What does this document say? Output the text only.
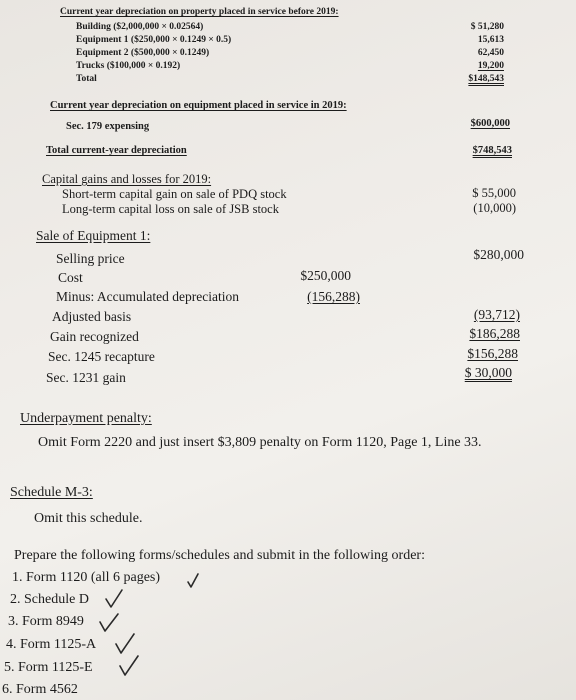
Current year depreciation on property placed in service before 2019:
Building ($2,000,000 × 0.02564)	$ 51,280
Equipment 1 ($250,000 × 0.1249 × 0.5)	15,613
Equipment 2 ($500,000 × 0.1249)	62,450
Trucks ($100,000 × 0.192)	19,200
Total	$148,543
Current year depreciation on equipment placed in service in 2019:
Sec. 179 expensing	$600,000
Total current-year depreciation	$748,543
Capital gains and losses for 2019:
Short-term capital gain on sale of PDQ stock	$ 55,000
Long-term capital loss on sale of JSB stock	(10,000)
Sale of Equipment 1:
Selling price	$280,000
Cost	$250,000
Minus: Accumulated depreciation	(156,288)
Adjusted basis	(93,712)
Gain recognized	$186,288
Sec. 1245 recapture	$156,288
Sec. 1231 gain	$ 30,000
Underpayment penalty:
Omit Form 2220 and just insert $3,809 penalty on Form 1120, Page 1, Line 33.
Schedule M-3:
Omit this schedule.
Prepare the following forms/schedules and submit in the following order:
1. Form 1120 (all 6 pages)
2. Schedule D
3. Form 8949
4. Form 1125-A
5. Form 1125-E
6. Form 4562
